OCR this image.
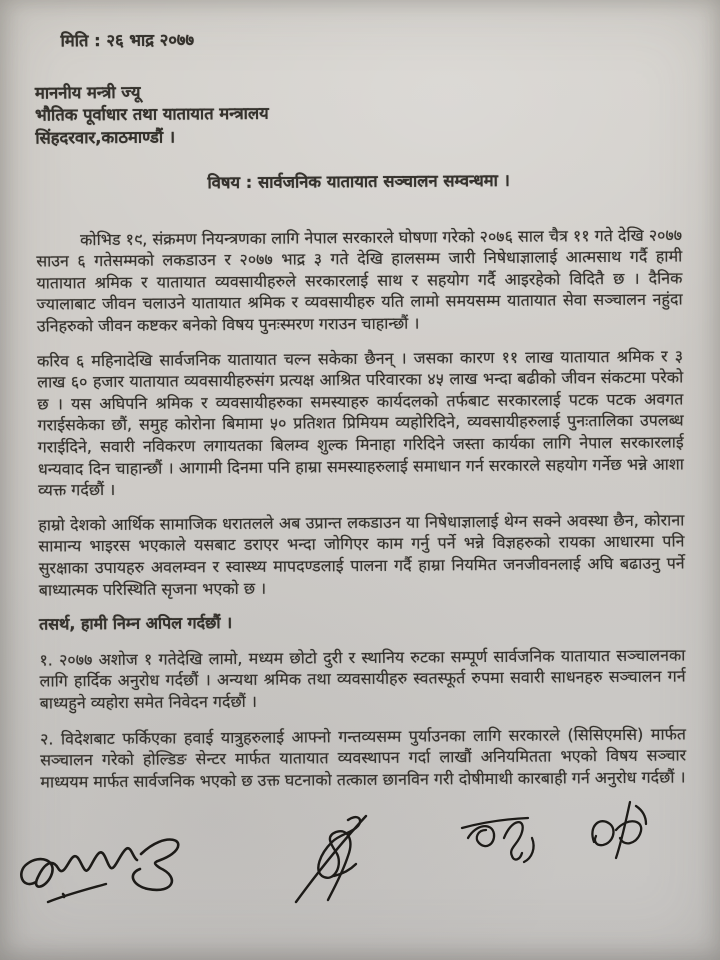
मिति : २६ भाद्र २०७७
माननीय मन्त्री ज्यू
भौतिक पूर्वाधार तथा यातायात मन्त्रालय
सिंहदरवार,काठमाण्डौं ।
विषय : सार्वजनिक यातायात सञ्चालन सम्वन्धमा ।

कोभिड १९, संक्रमण नियन्त्रणका लागि नेपाल सरकारले घोषणा गरेको २०७६ साल चैत्र ११ गते देखि २०७७ साउन ६ गतेसम्मको लकडाउन र २०७७ भाद्र ३ गते देखि हालसम्म जारी निषेधाज्ञालाई आत्मसाथ गर्दै हामी यातायात श्रमिक र यातायात व्यवसायीहरुले सरकारलाई साथ र सहयोग गर्दै आइरहेको विदितै छ । दैनिक ज्यालाबाट जीवन चलाउने यातायात श्रमिक र व्यवसायीहरु यति लामो समयसम्म यातायात सेवा सञ्चालन नहुंदा उनिहरुको जीवन कष्टकर बनेको विषय पुनःस्मरण गराउन चाहान्छौं ।

करिव ६ महिनादेखि सार्वजनिक यातायात चल्न सकेका छैनन् । जसका कारण ११ लाख यातायात श्रमिक र ३ लाख ६० हजार यातायात व्यवसायीहरुसंग प्रत्यक्ष आश्रित परिवारका ४५ लाख भन्दा बढीको जीवन संकटमा परेको छ । यस अघिपनि श्रमिक र व्यवसायीहरुका समस्याहरु कार्यदलको तर्फबाट सरकारलाई पटक पटक अवगत गराईसकेका छौं, समुह कोरोना बिमामा ५० प्रतिशत प्रिमियम व्यहोरिदिने, व्यवसायीहरुलाई पुनःतालिका उपलब्ध गराईदिने, सवारी नविकरण लगायतका बिलम्व शुल्क मिनाहा गरिदिने जस्ता कार्यका लागि नेपाल सरकारलाई धन्यवाद दिन चाहान्छौं । आगामी दिनमा पनि हाम्रा समस्याहरुलाई समाधान गर्न सरकारले सहयोग गर्नेछ भन्ने आशा व्यक्त गर्दछौं ।

हाम्रो देशको आर्थिक सामाजिक धरातलले अब उप्रान्त लकडाउन या निषेधाज्ञालाई थेग्न सक्ने अवस्था छैन, कोराना सामान्य भाइरस भएकाले यसबाट डराएर भन्दा जोगिएर काम गर्नु पर्ने भन्ने विज्ञहरुको रायका आधारमा पनि सुरक्षाका उपायहरु अवलम्वन र स्वास्थ्य मापदण्डलाई पालना गर्दै हाम्रा नियमित जनजीवनलाई अघि बढाउनु पर्ने बाध्यात्मक परिस्थिति सृजना भएको छ ।

तसर्थ, हामी निम्न अपिल गर्दछौं ।

१. २०७७ अशोज १ गतेदेखि लामो, मध्यम छोटो दुरी र स्थानिय रुटका सम्पूर्ण सार्वजनिक यातायात सञ्चालनका लागि हार्दिक अनुरोध गर्दछौं । अन्यथा श्रमिक तथा व्यवसायीहरु स्वतस्फूर्त रुपमा सवारी साधनहरु सञ्चालन गर्न बाध्यहुने व्यहोरा समेत निवेदन गर्दछौं ।

२. विदेशबाट फर्किएका हवाई यात्रुहरुलाई आफ्नो गन्तव्यसम्म पुर्याउनका लागि सरकारले (सिसिएमसि) मार्फत सञ्चालन गरेको होल्डिङ सेन्टर मार्फत यातायात व्यवस्थापन गर्दा लाखौं अनियमितता भएको विषय सञ्चार माध्ययम मार्फत सार्वजनिक भएको छ उक्त घटनाको तत्काल छानविन गरी दोषीमाथी कारबाही गर्न अनुरोध गर्दछौं ।
